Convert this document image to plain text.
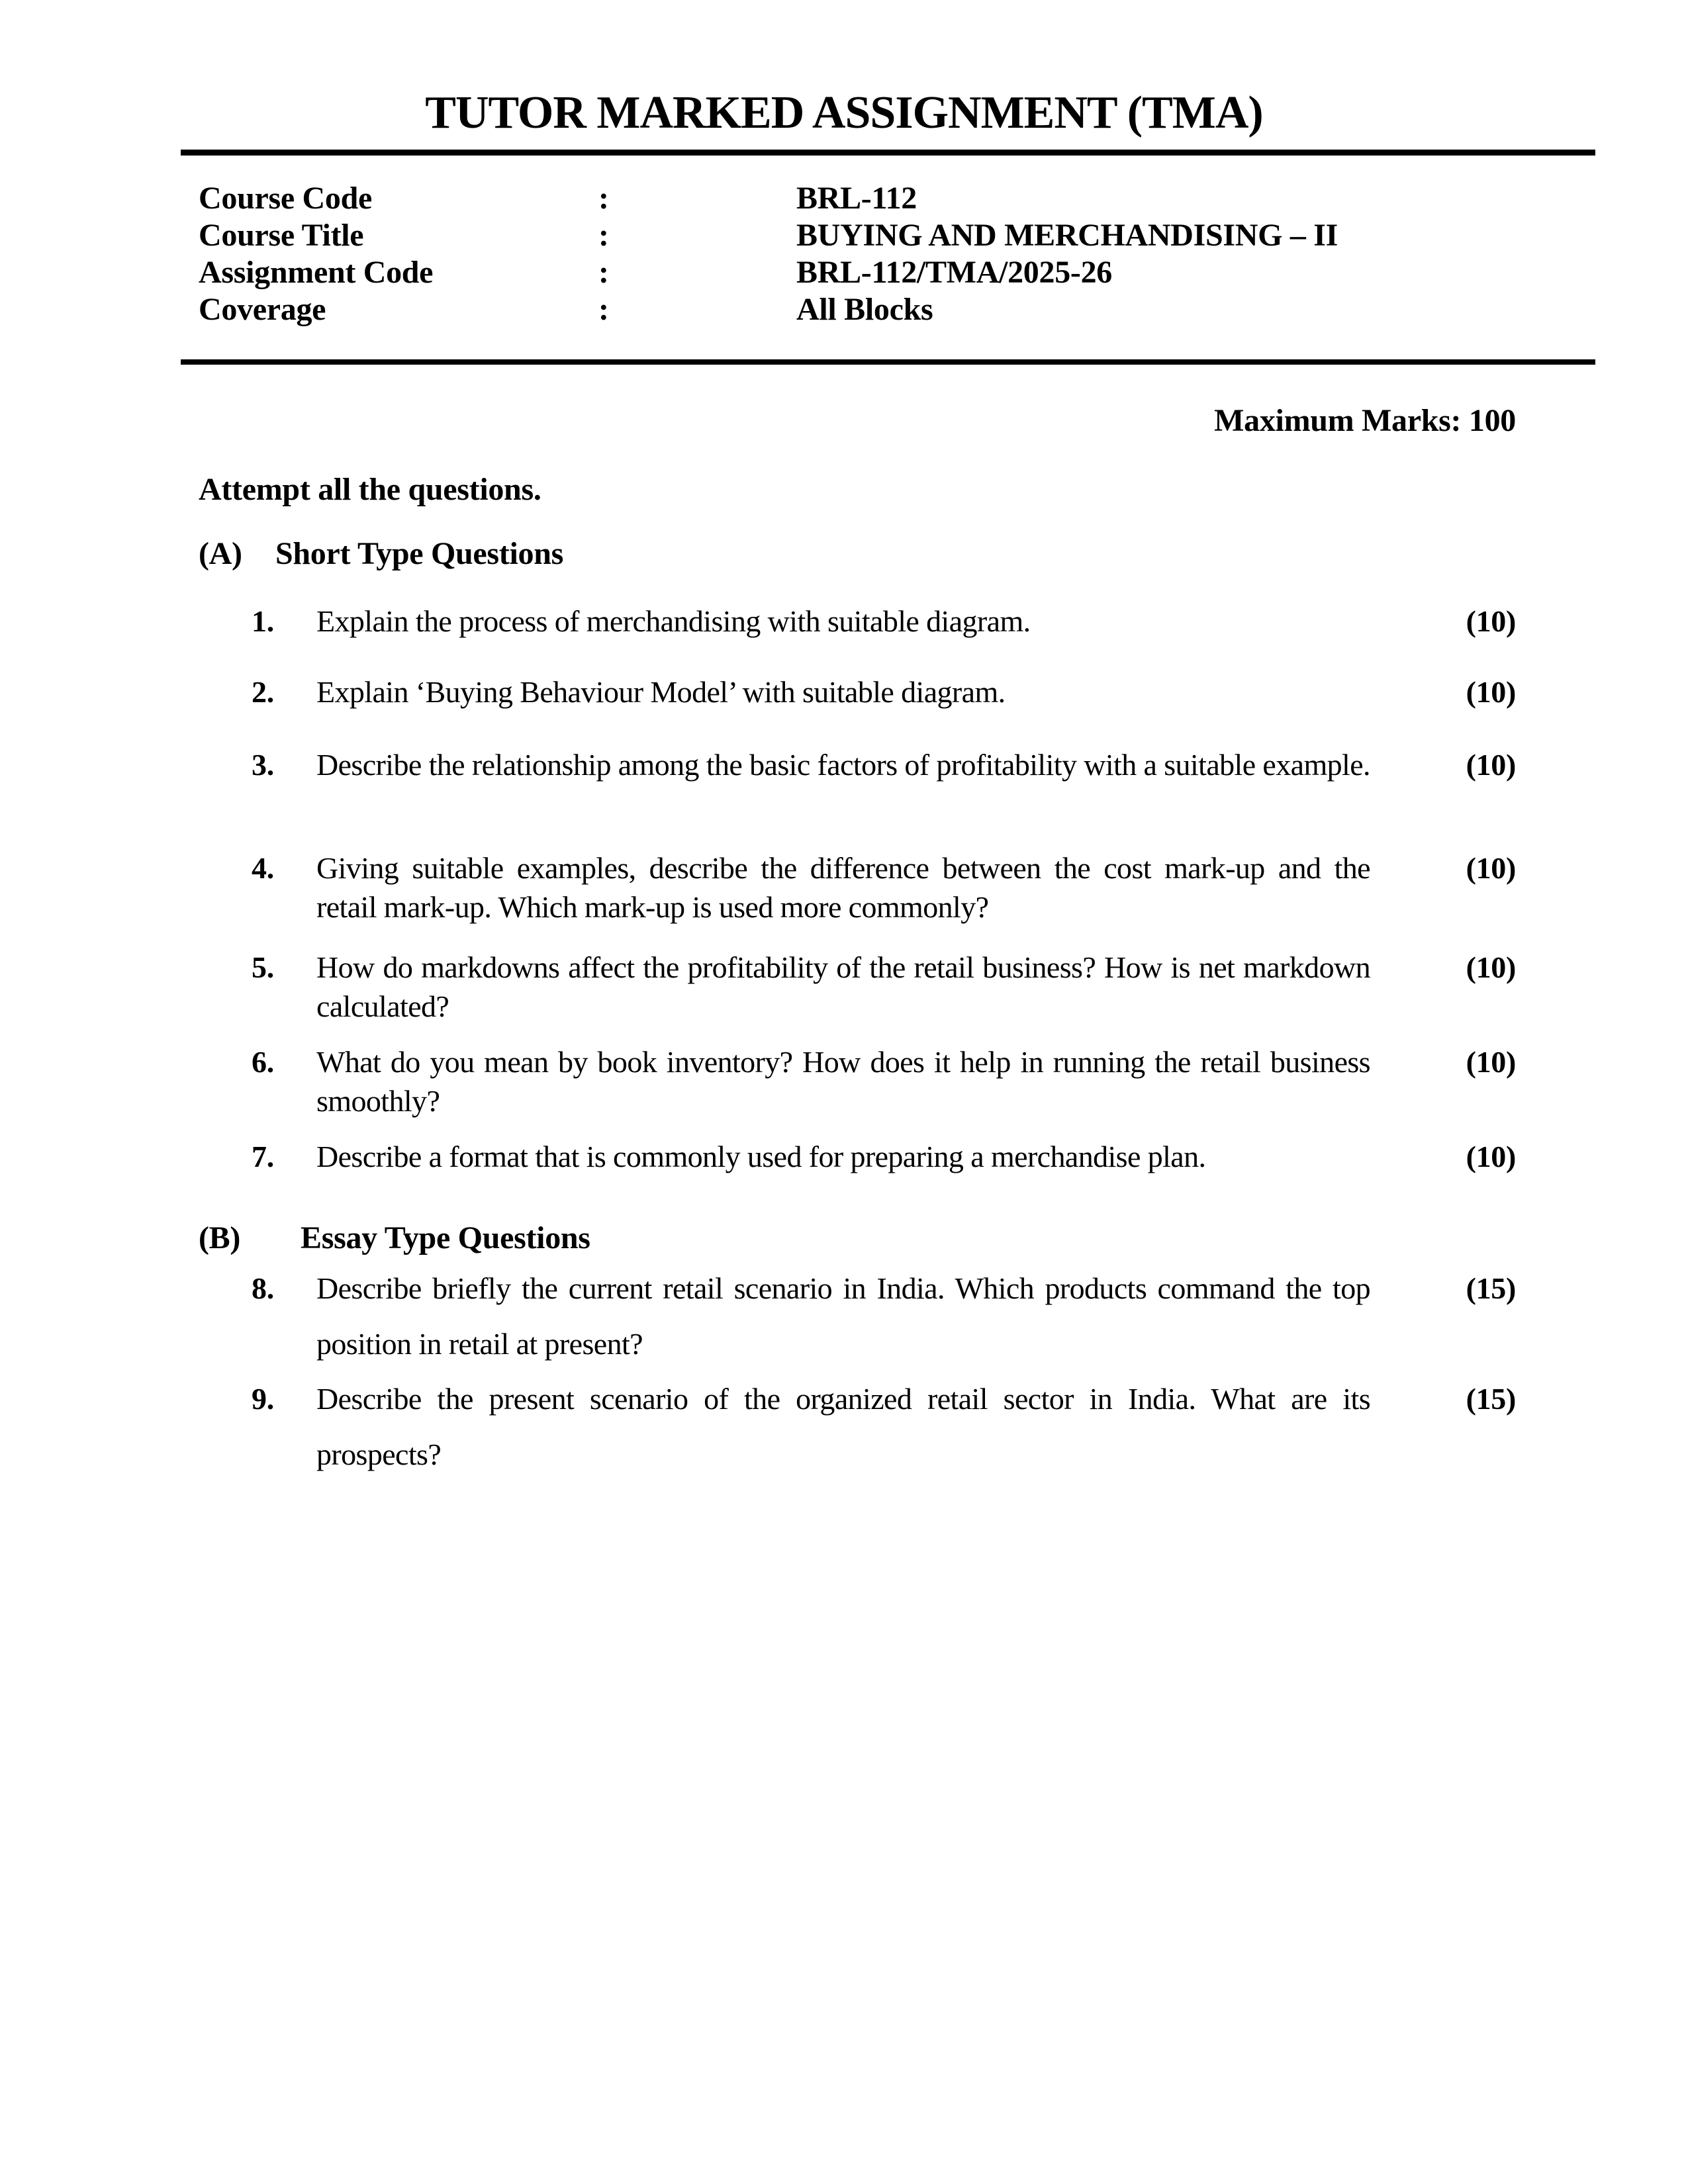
TUTOR MARKED ASSIGNMENT (TMA)
Course Code	:	BRL-112
Course Title	:	BUYING AND MERCHANDISING – II
Assignment Code	:	BRL-112/TMA/2025-26
Coverage	:	All Blocks
Maximum Marks: 100
Attempt all the questions.
(A)	Short Type Questions
1.	Explain the process of merchandising with suitable diagram.	(10)
2.	Explain ‘Buying Behaviour Model’ with suitable diagram.	(10)
3.	Describe the relationship among the basic factors of profitability with a suitable example.	(10)
4.	Giving suitable examples, describe the difference between the cost mark-up and the retail mark-up. Which mark-up is used more commonly?
(10)
5.	How do markdowns affect the profitability of the retail business? How is net markdown calculated?
(10)
6.	What do you mean by book inventory? How does it help in running the retail business smoothly?
(10)
7.	Describe a format that is commonly used for preparing a merchandise plan.	(10)
(B)	Essay Type Questions
8.	Describe briefly the current retail scenario in India. Which products command the top position in retail at present?
(15)
9.	Describe the present scenario of the organized retail sector in India. What are its prospects?
(15)
